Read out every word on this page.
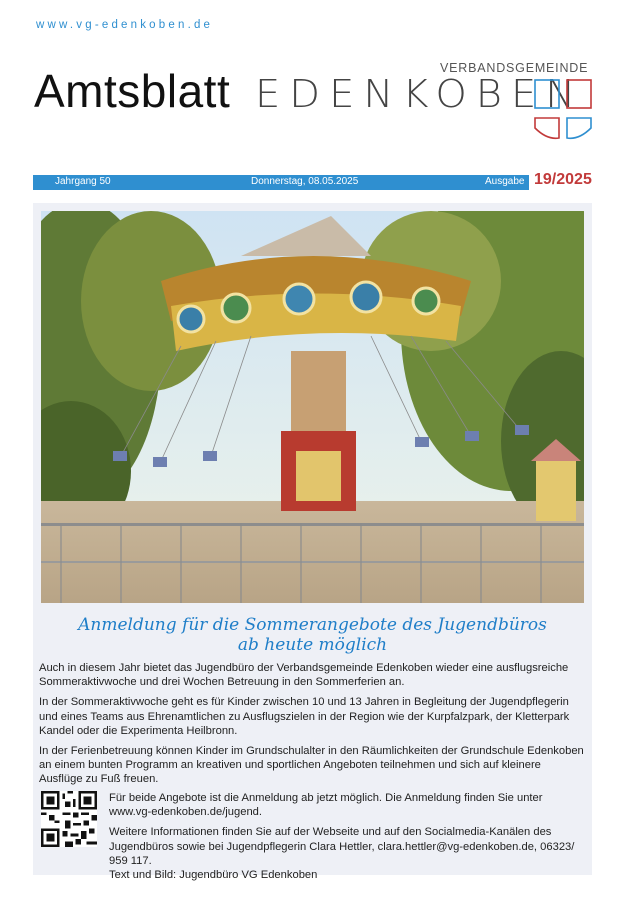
www.vg-edenkoben.de
Amtsblatt	VERBANDSGEMEINDE
EDENKOBEN
Jahrgang 50	Donnerstag, 08.05.2025	Ausgabe 19/2025
Anmeldung für die Sommerangebote des Jugendbüros
ab heute möglich

Auch in diesem Jahr bietet das Jugendbüro der Verbandsgemeinde Edenkoben wieder eine ausflugsreiche Sommeraktivwoche und drei Wochen Betreuung in den Sommerferien an.

In der Sommeraktivwoche geht es für Kinder zwischen 10 und 13 Jahren in Begleitung der Jugendpflegerin und eines Teams aus Ehrenamtlichen zu Ausflugszielen in der Region wie der Kurpfalzpark, der Kletterpark Kandel oder die Experimenta Heilbronn.

In der Ferienbetreuung können Kinder im Grundschulalter in den Räumlichkeiten der Grundschule Edenkoben an einem bunten Programm an kreativen und sportlichen Angeboten teilnehmen und sich auf kleinere Ausflüge zu Fuß freuen.

Für beide Angebote ist die Anmeldung ab jetzt möglich. Die Anmeldung finden Sie unter www.vg-edenkoben.de/jugend.

Weitere Informationen finden Sie auf der Webseite und auf den Socialmedia-Kanälen des Jugendbüros sowie bei Jugendpflegerin Clara Hettler, clara.hettler@vg-edenkoben.de, 06323/ 959 117.

Text und Bild: Jugendbüro VG Edenkoben
